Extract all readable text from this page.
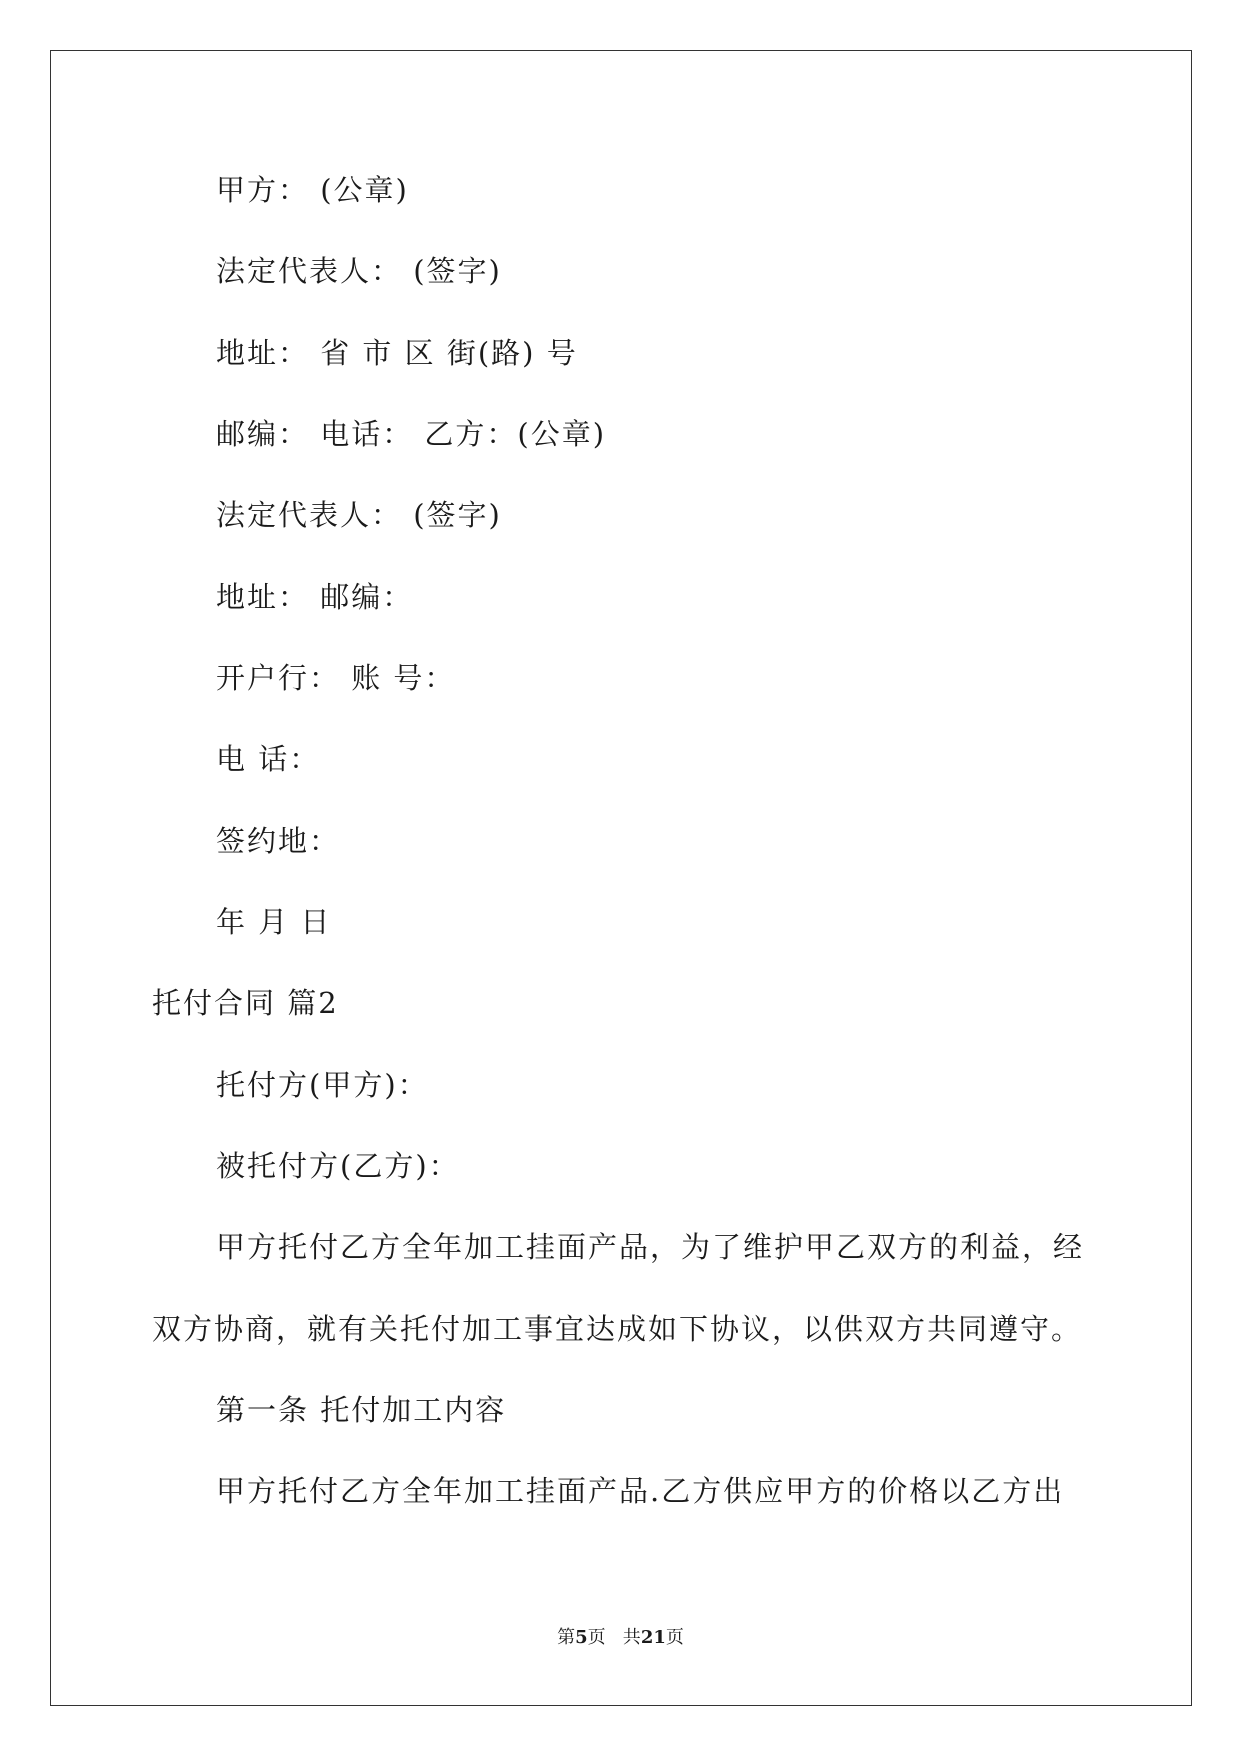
甲方： (公章)
法定代表人： (签字)
地址： 省 市 区 街(路) 号
邮编： 电话： 乙方：(公章)
法定代表人： (签字)
地址： 邮编：
开户行： 账 号：
电 话：
签约地：
年 月 日
托付合同 篇2
托付方(甲方)：
被托付方(乙方)：
甲方托付乙方全年加工挂面产品，为了维护甲乙双方的利益，经
双方协商，就有关托付加工事宜达成如下协议，以供双方共同遵守。
第一条 托付加工内容
甲方托付乙方全年加工挂面产品.乙方供应甲方的价格以乙方出
第5页   共21页
